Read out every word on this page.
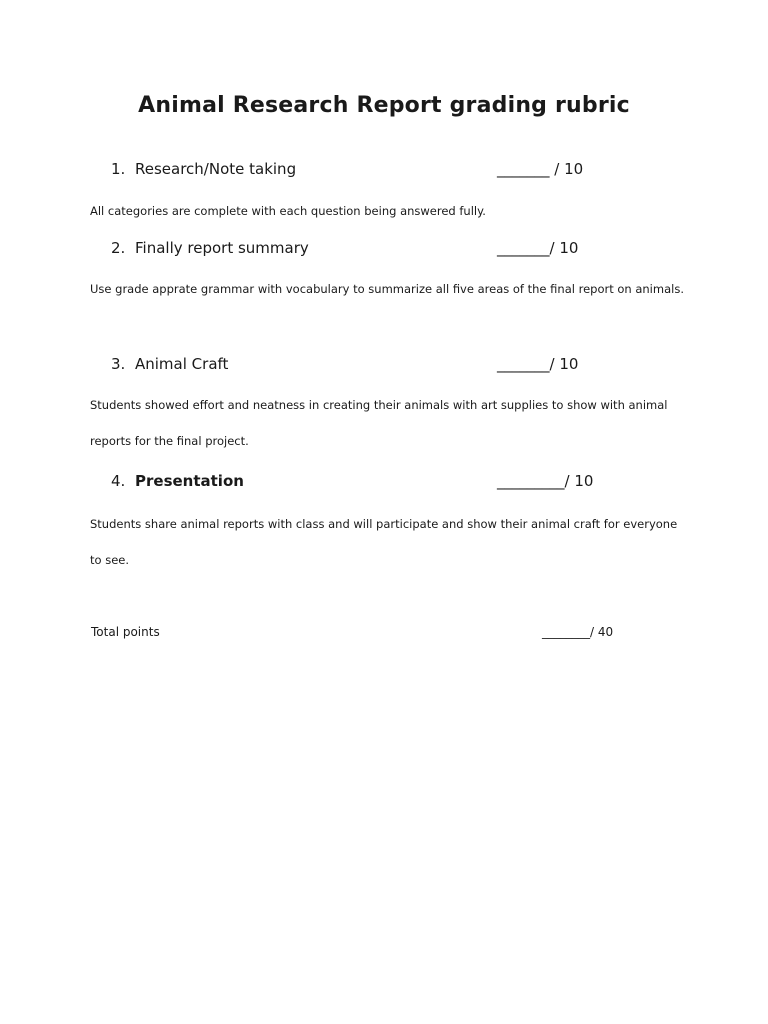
Animal Research Report grading rubric
1. Research/Note taking	_______ / 10
All categories are complete with each question being answered fully.
2. Finally report summary	_______/ 10
Use grade apprate grammar with vocabulary to summarize all five areas of the final report on animals.
3. Animal Craft	_______/ 10
Students showed effort and neatness in creating their animals with art supplies to show with animal reports for the final project.
4. Presentation	_________/ 10
Students share animal reports with class and will participate and show their animal craft for everyone to see.
Total points	________/ 40
